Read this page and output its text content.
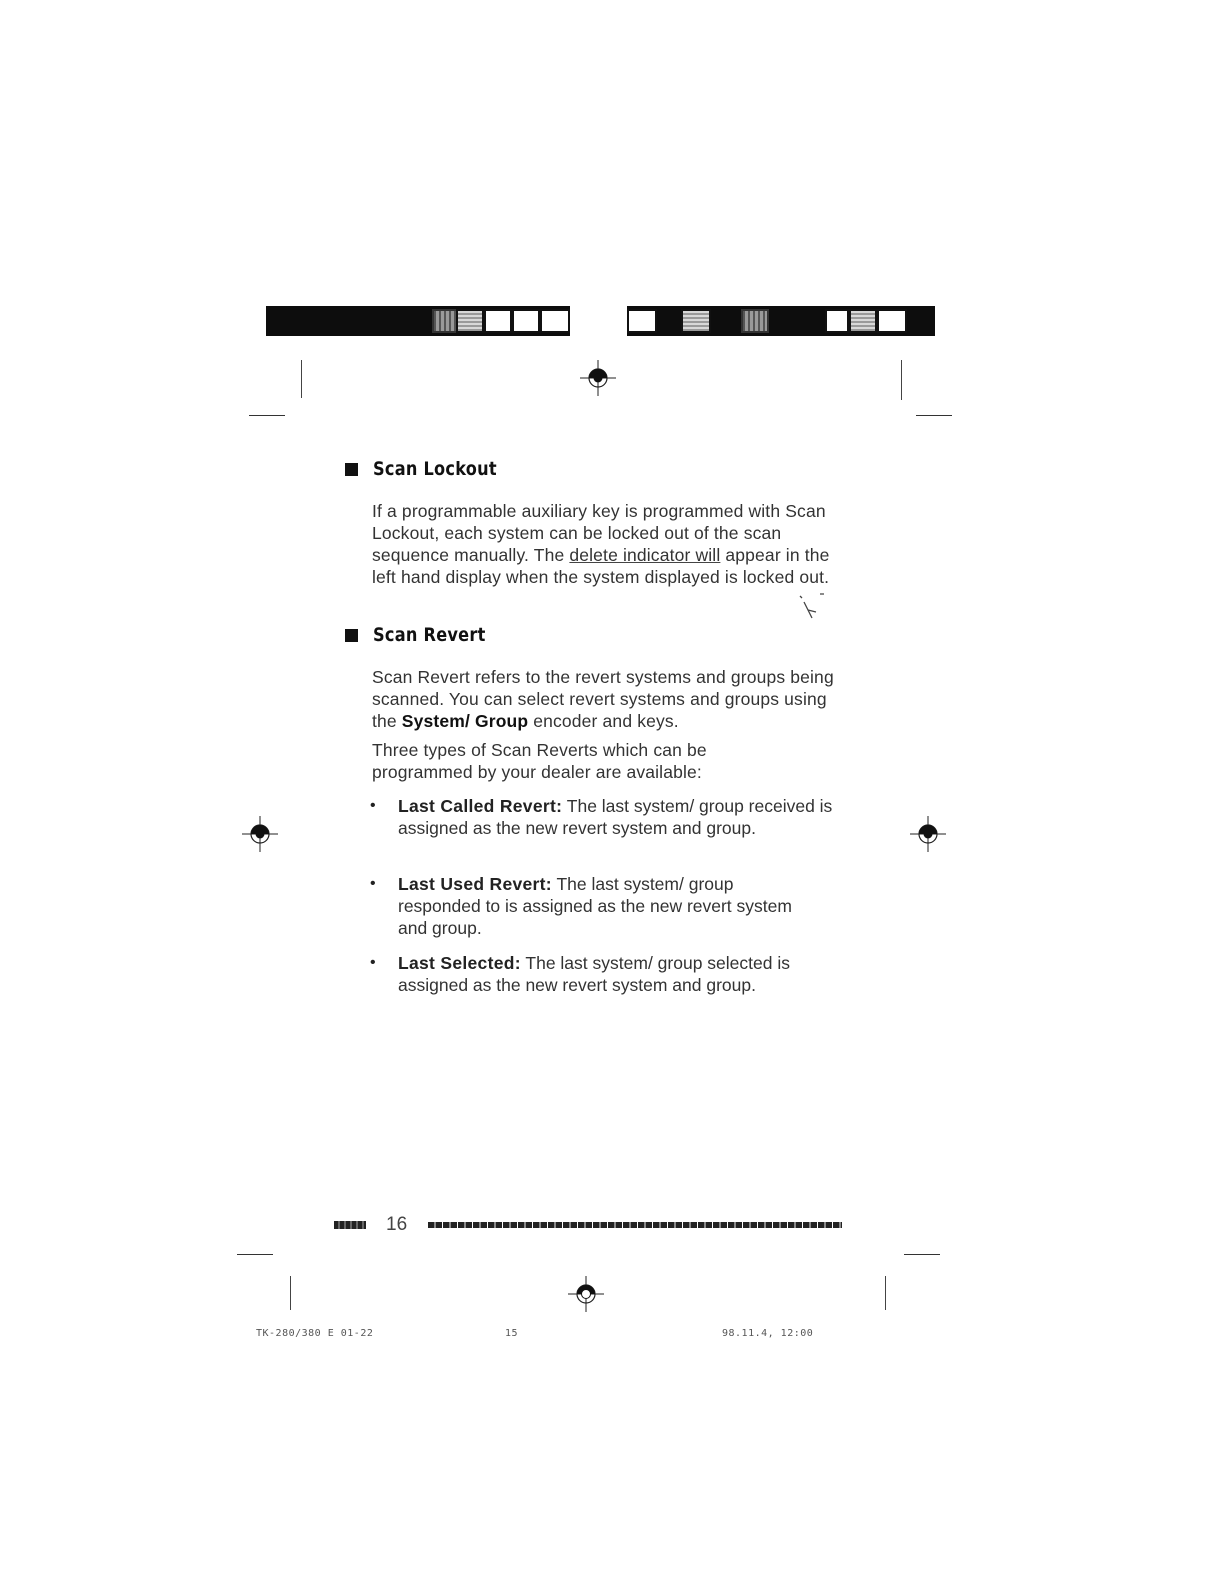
Scan Lockout
If a programmable auxiliary key is programmed with Scan Lockout, each system can be locked out of the scan sequence manually. The delete indicator will appear in the left hand display when the system displayed is locked out.
Scan Revert
Scan Revert refers to the revert systems and groups being scanned. You can select revert systems and groups using the System/ Group encoder and keys.
Three types of Scan Reverts which can be programmed by your dealer are available:
• Last Called Revert: The last system/ group received is assigned as the new revert system and group.
• Last Used Revert: The last system/ group responded to is assigned as the new revert system and group.
• Last Selected: The last system/ group selected is assigned as the new revert system and group.
16
TK-280/380 E 01-22	15	98.11.4, 12:00
